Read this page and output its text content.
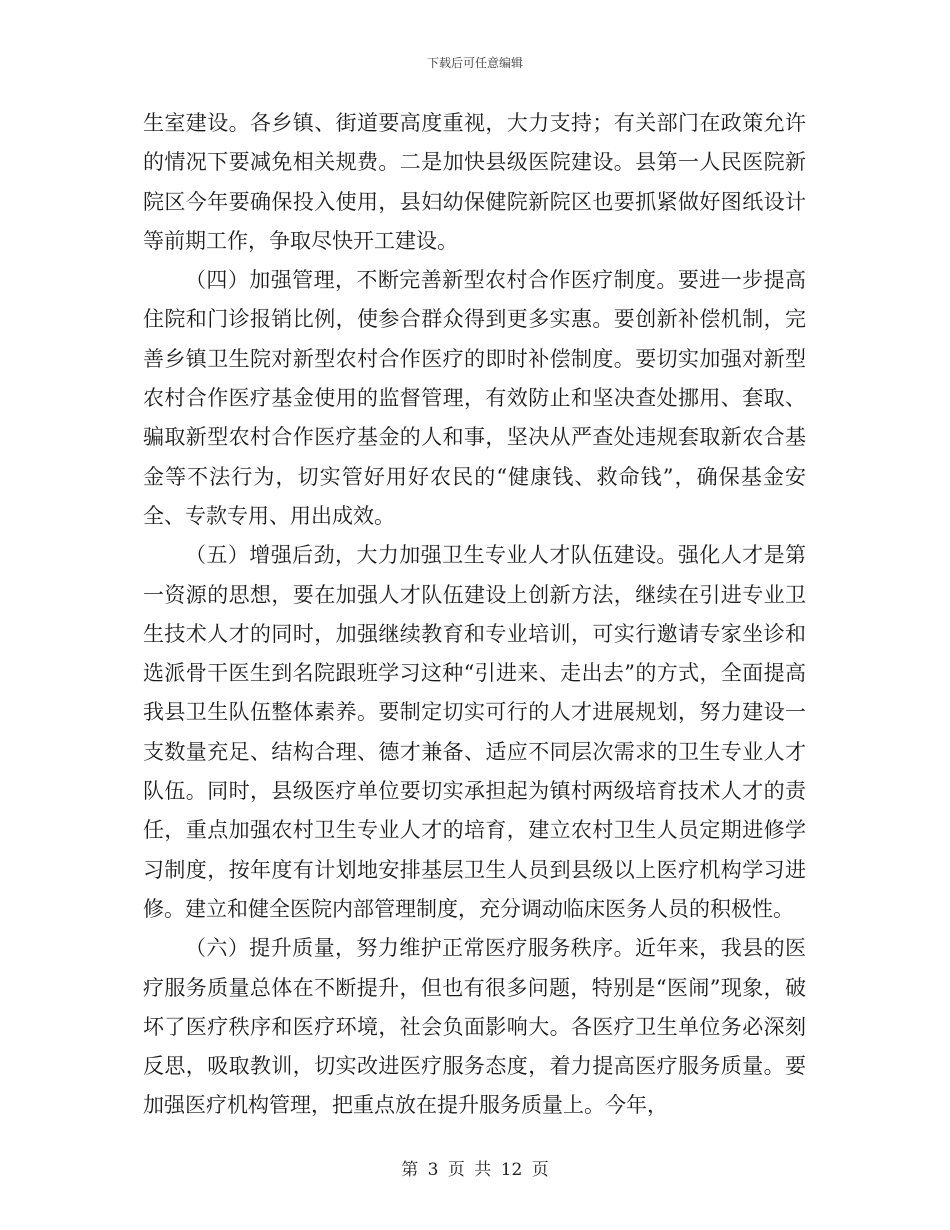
下载后可任意编辑

生室建设。各乡镇、街道要高度重视，大力支持；有关部门在政策允许的情况下要减免相关规费。二是加快县级医院建设。县第一人民医院新院区今年要确保投入使用，县妇幼保健院新院区也要抓紧做好图纸设计等前期工作，争取尽快开工建设。

（四）加强管理，不断完善新型农村合作医疗制度。要进一步提高住院和门诊报销比例，使参合群众得到更多实惠。要创新补偿机制，完善乡镇卫生院对新型农村合作医疗的即时补偿制度。要切实加强对新型农村合作医疗基金使用的监督管理，有效防止和坚决查处挪用、套取、骗取新型农村合作医疗基金的人和事，坚决从严查处违规套取新农合基金等不法行为，切实管好用好农民的“健康钱、救命钱”，确保基金安全、专款专用、用出成效。

（五）增强后劲，大力加强卫生专业人才队伍建设。强化人才是第一资源的思想，要在加强人才队伍建设上创新方法，继续在引进专业卫生技术人才的同时，加强继续教育和专业培训，可实行邀请专家坐诊和选派骨干医生到名院跟班学习这种“引进来、走出去”的方式，全面提高我县卫生队伍整体素养。要制定切实可行的人才进展规划，努力建设一支数量充足、结构合理、德才兼备、适应不同层次需求的卫生专业人才队伍。同时，县级医疗单位要切实承担起为镇村两级培育技术人才的责任，重点加强农村卫生专业人才的培育，建立农村卫生人员定期进修学习制度，按年度有计划地安排基层卫生人员到县级以上医疗机构学习进修。建立和健全医院内部管理制度，充分调动临床医务人员的积极性。

（六）提升质量，努力维护正常医疗服务秩序。近年来，我县的医疗服务质量总体在不断提升，但也有很多问题，特别是“医闹”现象，破坏了医疗秩序和医疗环境，社会负面影响大。各医疗卫生单位务必深刻反思，吸取教训，切实改进医疗服务态度，着力提高医疗服务质量。要加强医疗机构管理，把重点放在提升服务质量上。今年，

第 3 页 共 12 页
